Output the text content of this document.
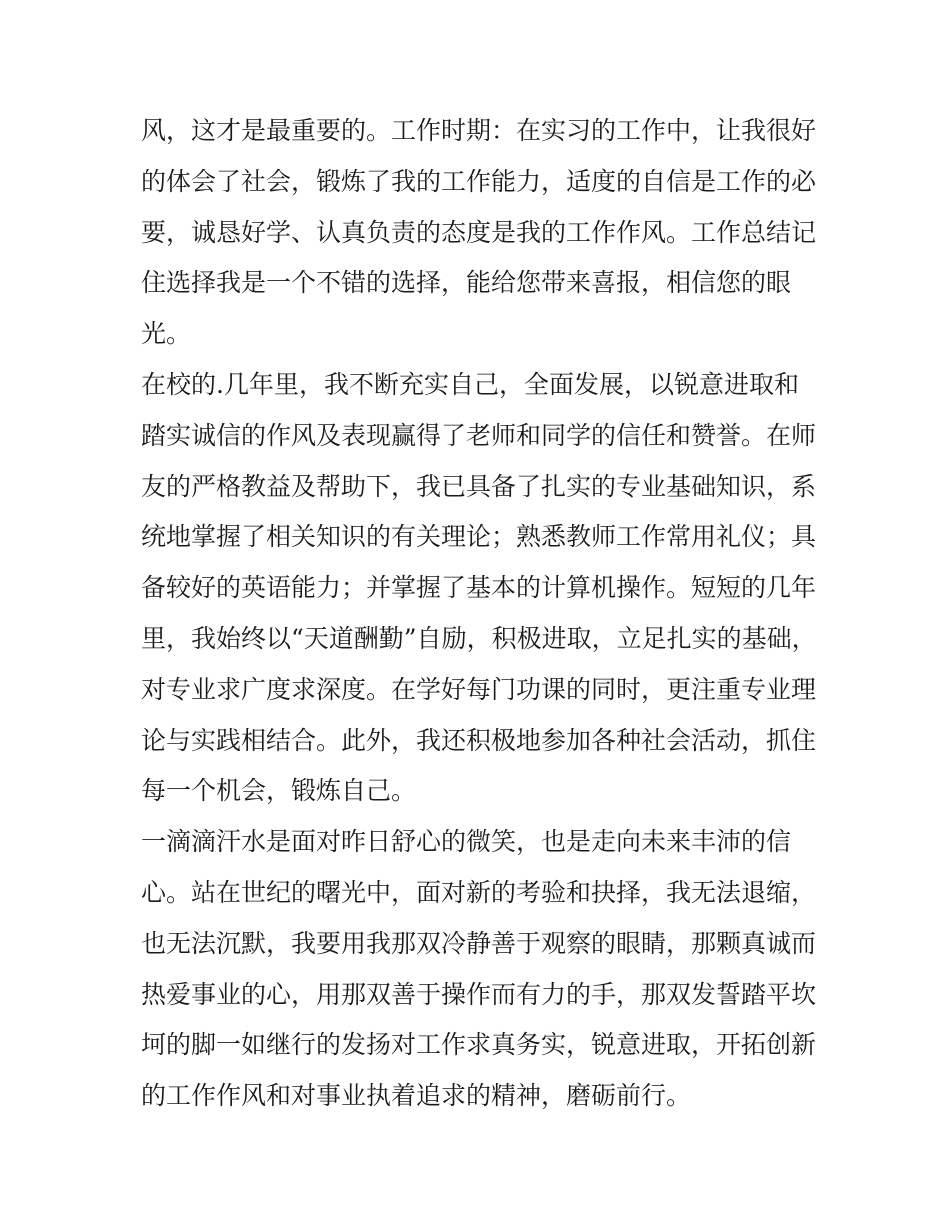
风，这才是最重要的。工作时期：在实习的工作中，让我很好
的体会了社会，锻炼了我的工作能力，适度的自信是工作的必
要，诚恳好学、认真负责的态度是我的工作作风。工作总结记
住选择我是一个不错的选择，能给您带来喜报，相信您的眼
光。
在校的.几年里，我不断充实自己，全面发展，以锐意进取和
踏实诚信的作风及表现赢得了老师和同学的信任和赞誉。在师
友的严格教益及帮助下，我已具备了扎实的专业基础知识，系
统地掌握了相关知识的有关理论；熟悉教师工作常用礼仪；具
备较好的英语能力；并掌握了基本的计算机操作。短短的几年
里，我始终以“天道酬勤”自励，积极进取，立足扎实的基础，
对专业求广度求深度。在学好每门功课的同时，更注重专业理
论与实践相结合。此外，我还积极地参加各种社会活动，抓住
每一个机会，锻炼自己。
一滴滴汗水是面对昨日舒心的微笑，也是走向未来丰沛的信
心。站在世纪的曙光中，面对新的考验和抉择，我无法退缩，
也无法沉默，我要用我那双冷静善于观察的眼睛，那颗真诚而
热爱事业的心，用那双善于操作而有力的手，那双发誓踏平坎
坷的脚一如继行的发扬对工作求真务实，锐意进取，开拓创新
的工作作风和对事业执着追求的精神，磨砺前行。
